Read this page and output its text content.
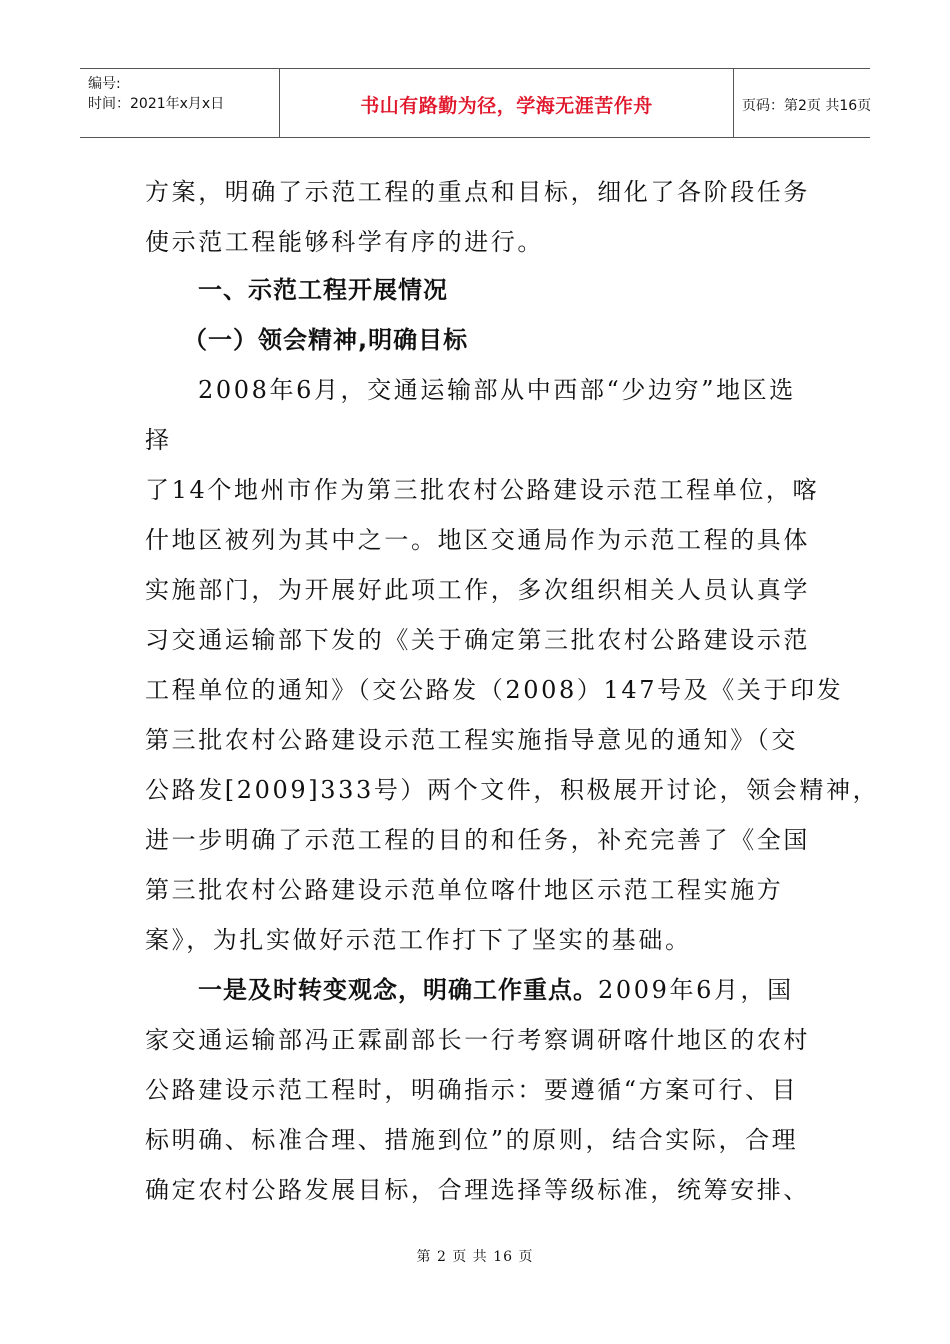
编号:
时间：2021年x月x日	书山有路勤为径，学海无涯苦作舟	页码：第2页 共16页
方案，明确了示范工程的重点和目标，细化了各阶段任务
使示范工程能够科学有序的进行。
一、示范工程开展情况
（一）领会精神,明确目标
2008年6月，交通运输部从中西部“少边穷”地区选
择
了14个地州市作为第三批农村公路建设示范工程单位，喀
什地区被列为其中之一。地区交通局作为示范工程的具体
实施部门，为开展好此项工作，多次组织相关人员认真学
习交通运输部下发的《关于确定第三批农村公路建设示范
工程单位的通知》（交公路发（2008）147号及《关于印发
第三批农村公路建设示范工程实施指导意见的通知》（交
公路发[2009]333号）两个文件，积极展开讨论，领会精神，
进一步明确了示范工程的目的和任务，补充完善了《全国
第三批农村公路建设示范单位喀什地区示范工程实施方
案》，为扎实做好示范工作打下了坚实的基础。
一是及时转变观念，明确工作重点。2009年6月，国
家交通运输部冯正霖副部长一行考察调研喀什地区的农村
公路建设示范工程时，明确指示：要遵循“方案可行、目
标明确、标准合理、措施到位”的原则，结合实际，合理
确定农村公路发展目标，合理选择等级标准，统筹安排、
第 2 页 共 16 页
